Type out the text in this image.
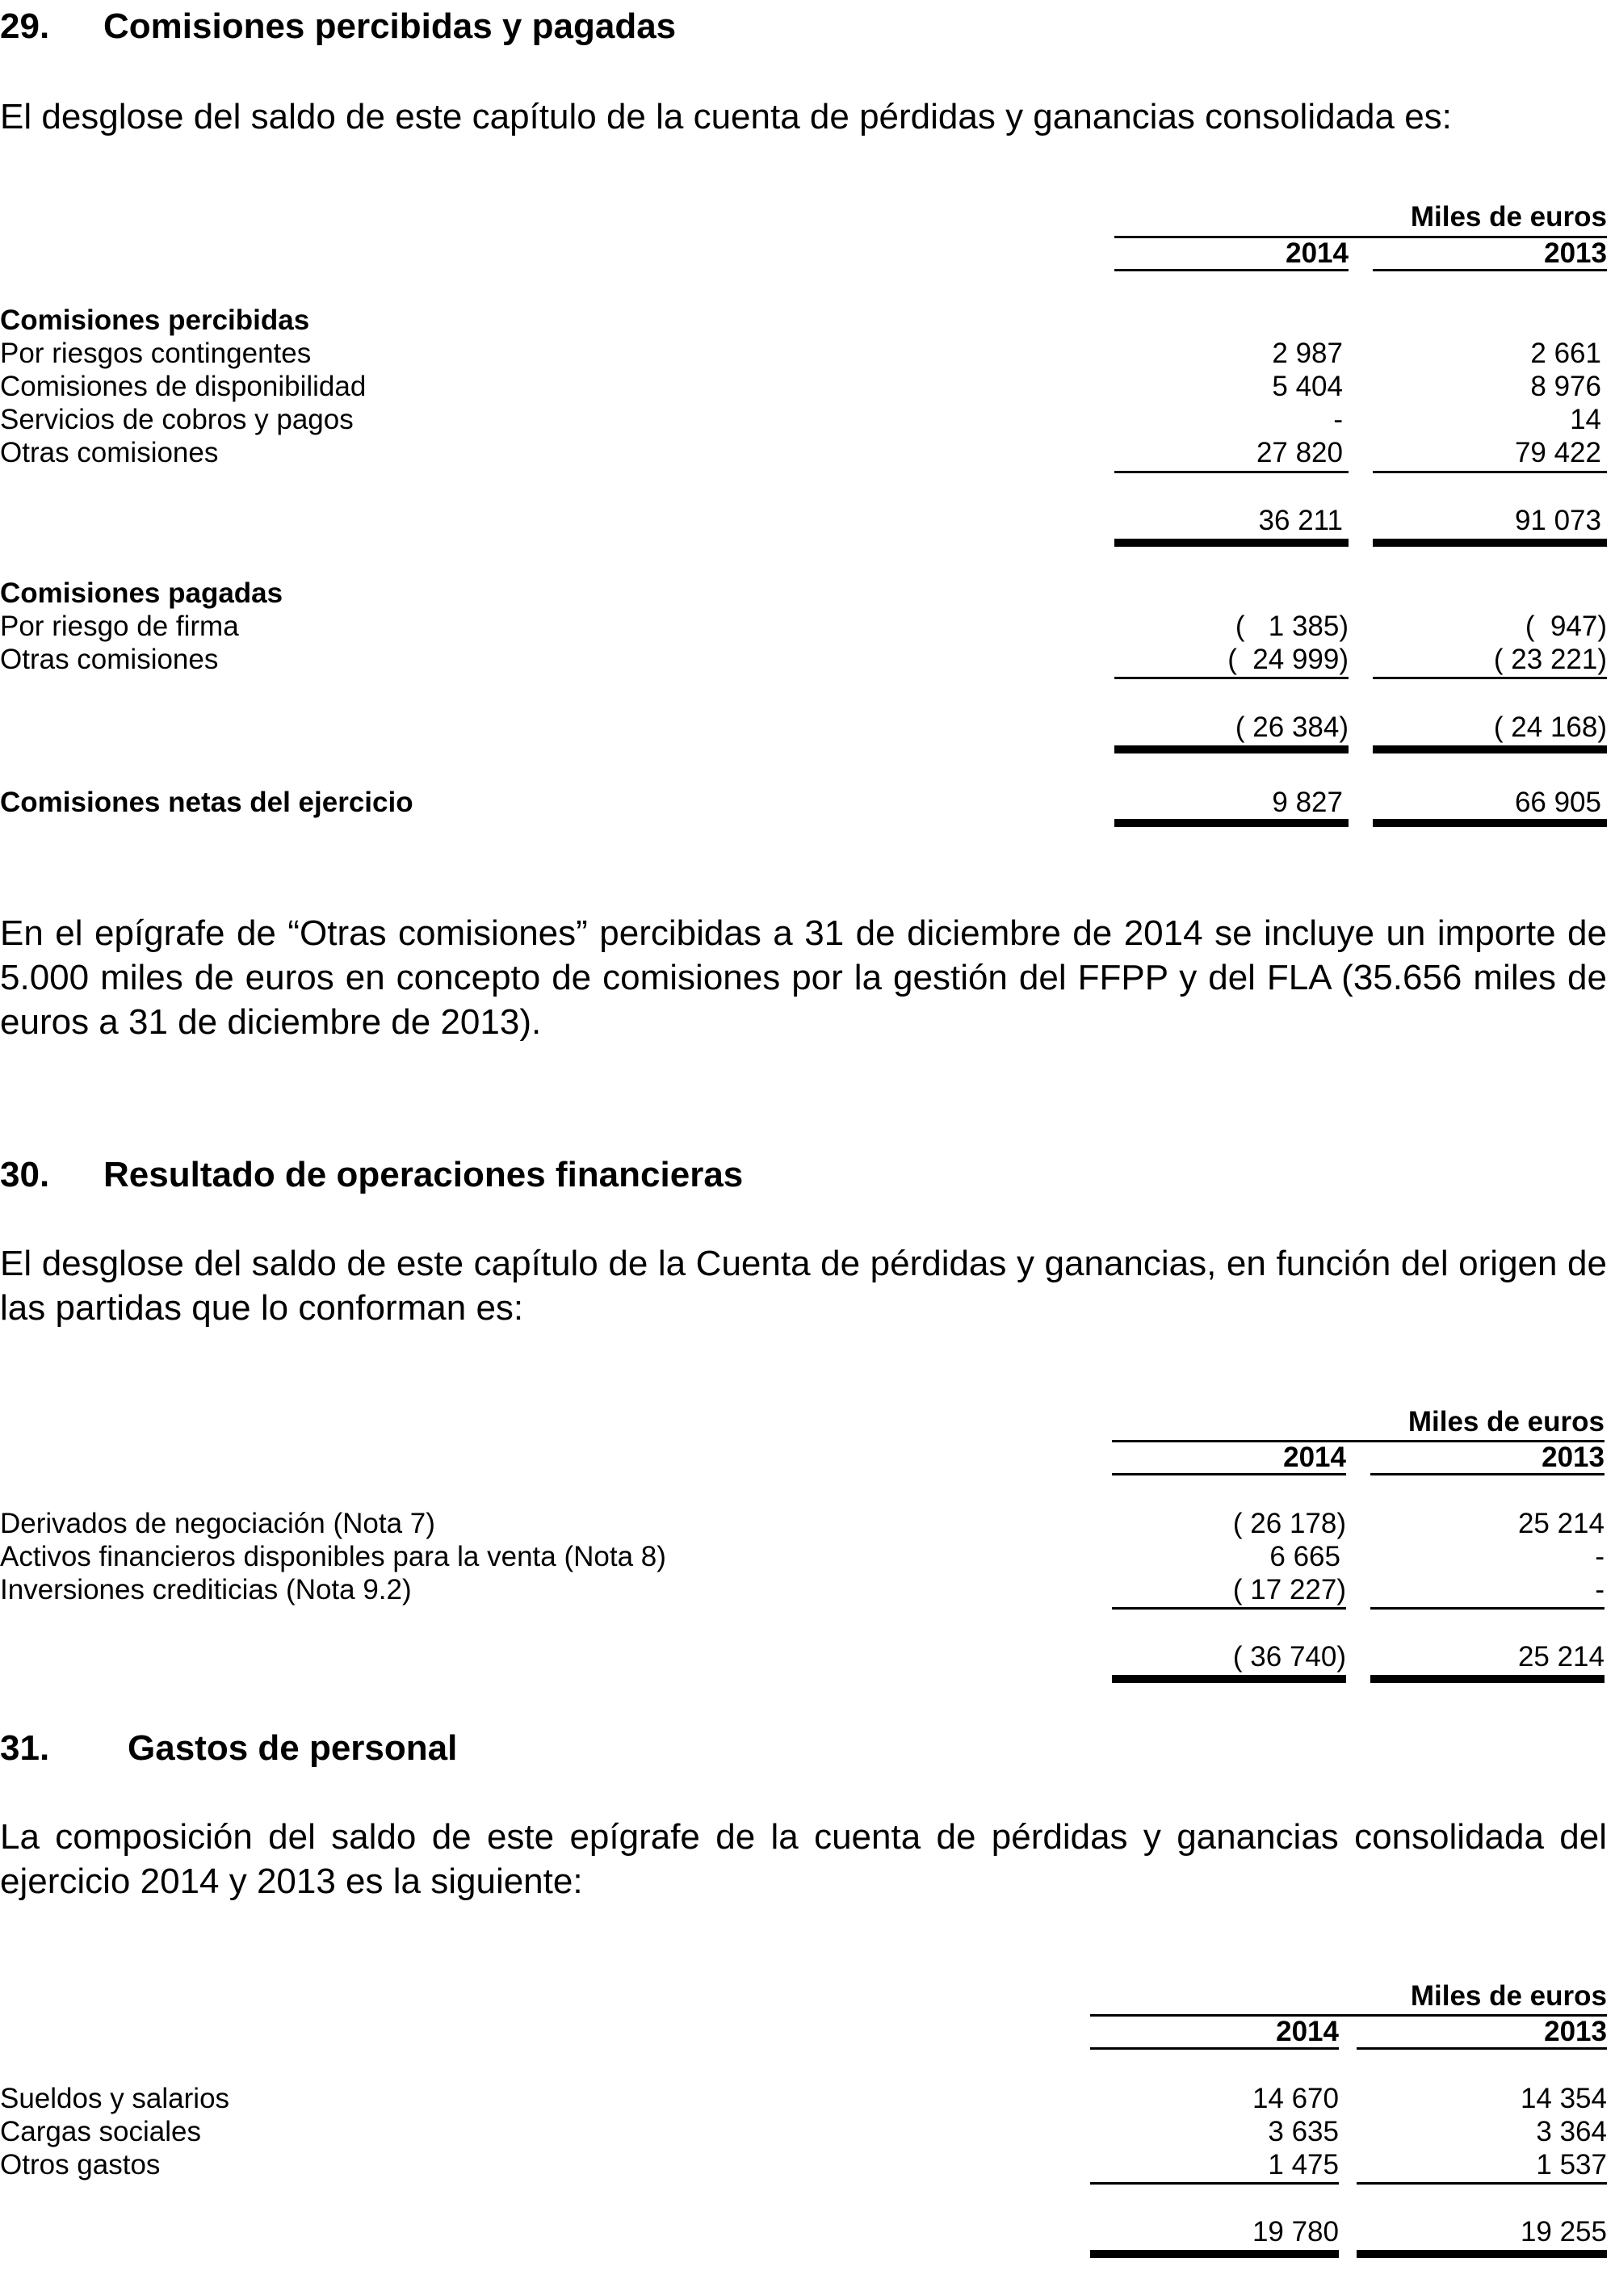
29. Comisiones percibidas y pagadas
El desglose del saldo de este capítulo de la cuenta de pérdidas y ganancias consolidada es:
Miles de euros
2014	2013
Comisiones percibidas
Por riesgos contingentes	2 987	2 661
Comisiones de disponibilidad	5 404	8 976
Servicios de cobros y pagos	-	14
Otras comisiones	27 820	79 422
36 211	91 073
Comisiones pagadas
Por riesgo de firma	(   1 385)	(  947)
Otras comisiones	(  24 999)	( 23 221)
( 26 384)	( 24 168)
Comisiones netas del ejercicio	9 827	66 905
En el epígrafe de “Otras comisiones” percibidas a 31 de diciembre de 2014 se incluye un importe de 5.000 miles de euros en concepto de comisiones por la gestión del FFPP y del FLA (35.656 miles de euros a 31 de diciembre de 2013).
30. Resultado de operaciones financieras
El desglose del saldo de este capítulo de la Cuenta de pérdidas y ganancias, en función del origen de las partidas que lo conforman es:
Miles de euros
2014	2013
Derivados de negociación (Nota 7)	( 26 178)	25 214
Activos financieros disponibles para la venta (Nota 8)	6 665	-
Inversiones crediticias (Nota 9.2)	( 17 227)	-
( 36 740)	25 214
31. Gastos de personal
La composición del saldo de este epígrafe de la cuenta de pérdidas y ganancias consolidada del ejercicio 2014 y 2013 es la siguiente:
Miles de euros
2014	2013
Sueldos y salarios	14 670	14 354
Cargas sociales	3 635	3 364
Otros gastos	1 475	1 537
19 780	19 255
